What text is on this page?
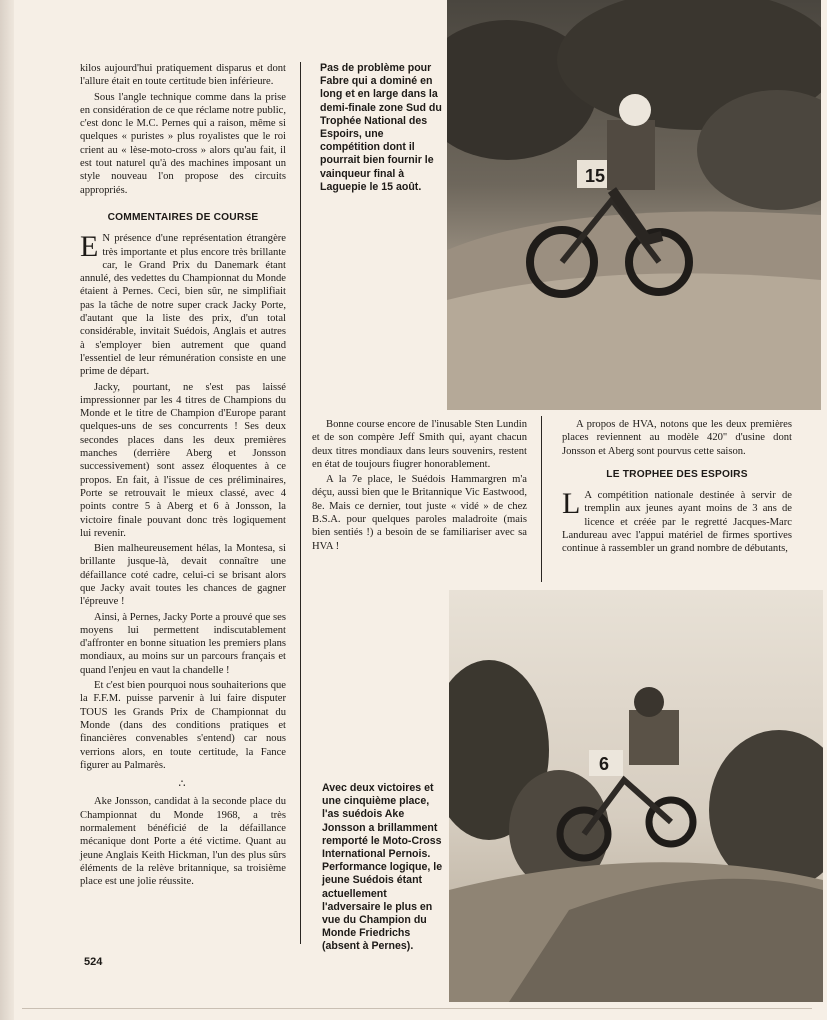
kilos aujourd'hui pratiquement disparus et dont l'allure était en toute certitude bien inférieure.

Sous l'angle technique comme dans la prise en considération de ce que réclame notre public, c'est donc le M.C. Pernes qui a raison, même si quelques « puristes » plus royalistes que le roi crient au « lèse-moto-cross » alors qu'au fait, il est tout naturel qu'à des machines imposant un style nouveau l'on propose des circuits appropriés.

COMMENTAIRES DE COURSE

E N présence d'une représentation étrangère très importante et plus encore très brillante car, le Grand Prix du Danemark étant annulé, des vedettes du Championnat du Monde étaient à Pernes. Ceci, bien sûr, ne simplifiait pas la tâche de notre super crack Jacky Porte, d'autant que la liste des prix, d'un total considérable, invitait Suédois, Anglais et autres à s'employer bien autrement que quand l'essentiel de leur rémunération consiste en une prime de départ.

Jacky, pourtant, ne s'est pas laissé impressionner par les 4 titres de Champions du Monde et le titre de Champion d'Europe parant quelques-uns de ses concurrents ! Ses deux secondes places dans les deux premières manches (derrière Aberg et Jonsson successivement) sont assez éloquentes à ce propos. En fait, à l'issue de ces préliminaires, Porte se retrouvait le mieux classé, avec 4 points contre 5 à Aberg et 6 à Jonsson, la victoire finale pouvant donc très logiquement lui revenir.

Bien malheureusement hélas, la Montesa, si brillante jusque-là, devait connaître une défaillance coté cadre, celui-ci se brisant alors que Jacky avait toutes les chances de gagner l'épreuve !

Ainsi, à Pernes, Jacky Porte a prouvé que ses moyens lui permettent indiscutablement d'affronter en bonne situation les premiers plans mondiaux, au moins sur un parcours français et quand l'enjeu en vaut la chandelle !

Et c'est bien pourquoi nous souhaiterions que la F.F.M. puisse parvenir à lui faire disputer TOUS les Grands Prix de Championnat du Monde (dans des conditions pratiques et financières convenables s'entend) car nous verrions alors, en toute certitude, la Fance figurer au Palmarès.

∴

Ake Jonsson, candidat à la seconde place du Championnat du Monde 1968, a très normalement bénéficié de la défaillance mécanique dont Porte a été victime. Quant au jeune Anglais Keith Hickman, l'un des plus sûrs éléments de la relève britannique, sa troisième place est une jolie réussite.

Pas de problème pour Fabre qui a dominé en long et en large dans la demi-finale zone Sud du Trophée National des Espoirs, une compétition dont il pourrait bien fournir le vainqueur final à Laguepie le 15 août.
15

Bonne course encore de l'inusable Sten Lundin et de son compère Jeff Smith qui, ayant chacun deux titres mondiaux dans leurs souvenirs, restent en état de toujours fiugrer honorablement.

A la 7e place, le Suédois Hammargren m'a déçu, aussi bien que le Britannique Vic Eastwood, 8e. Mais ce dernier, tout juste « vidé » de chez B.S.A. pour quelques paroles maladroite (mais bien sentiés !) a besoin de se familiariser avec sa HVA !

A propos de HVA, notons que les deux premières places reviennent au modèle 420" d'usine dont Jonsson et Aberg sont pourvus cette saison.

LE TROPHEE DES ESPOIRS

L A compétition nationale destinée à servir de tremplin aux jeunes ayant moins de 3 ans de licence et créée par le regretté Jacques-Marc Landureau avec l'appui matériel de firmes sportives continue à rassembler un grand nombre de débutants,

6
Avec deux victoires et une cinquième place, l'as suédois Ake Jonsson a brillamment remporté le Moto-Cross International Pernois. Performance logique, le jeune Suédois étant actuellement l'adversaire le plus en vue du Champion du Monde Friedrichs (absent à Pernes).
524
